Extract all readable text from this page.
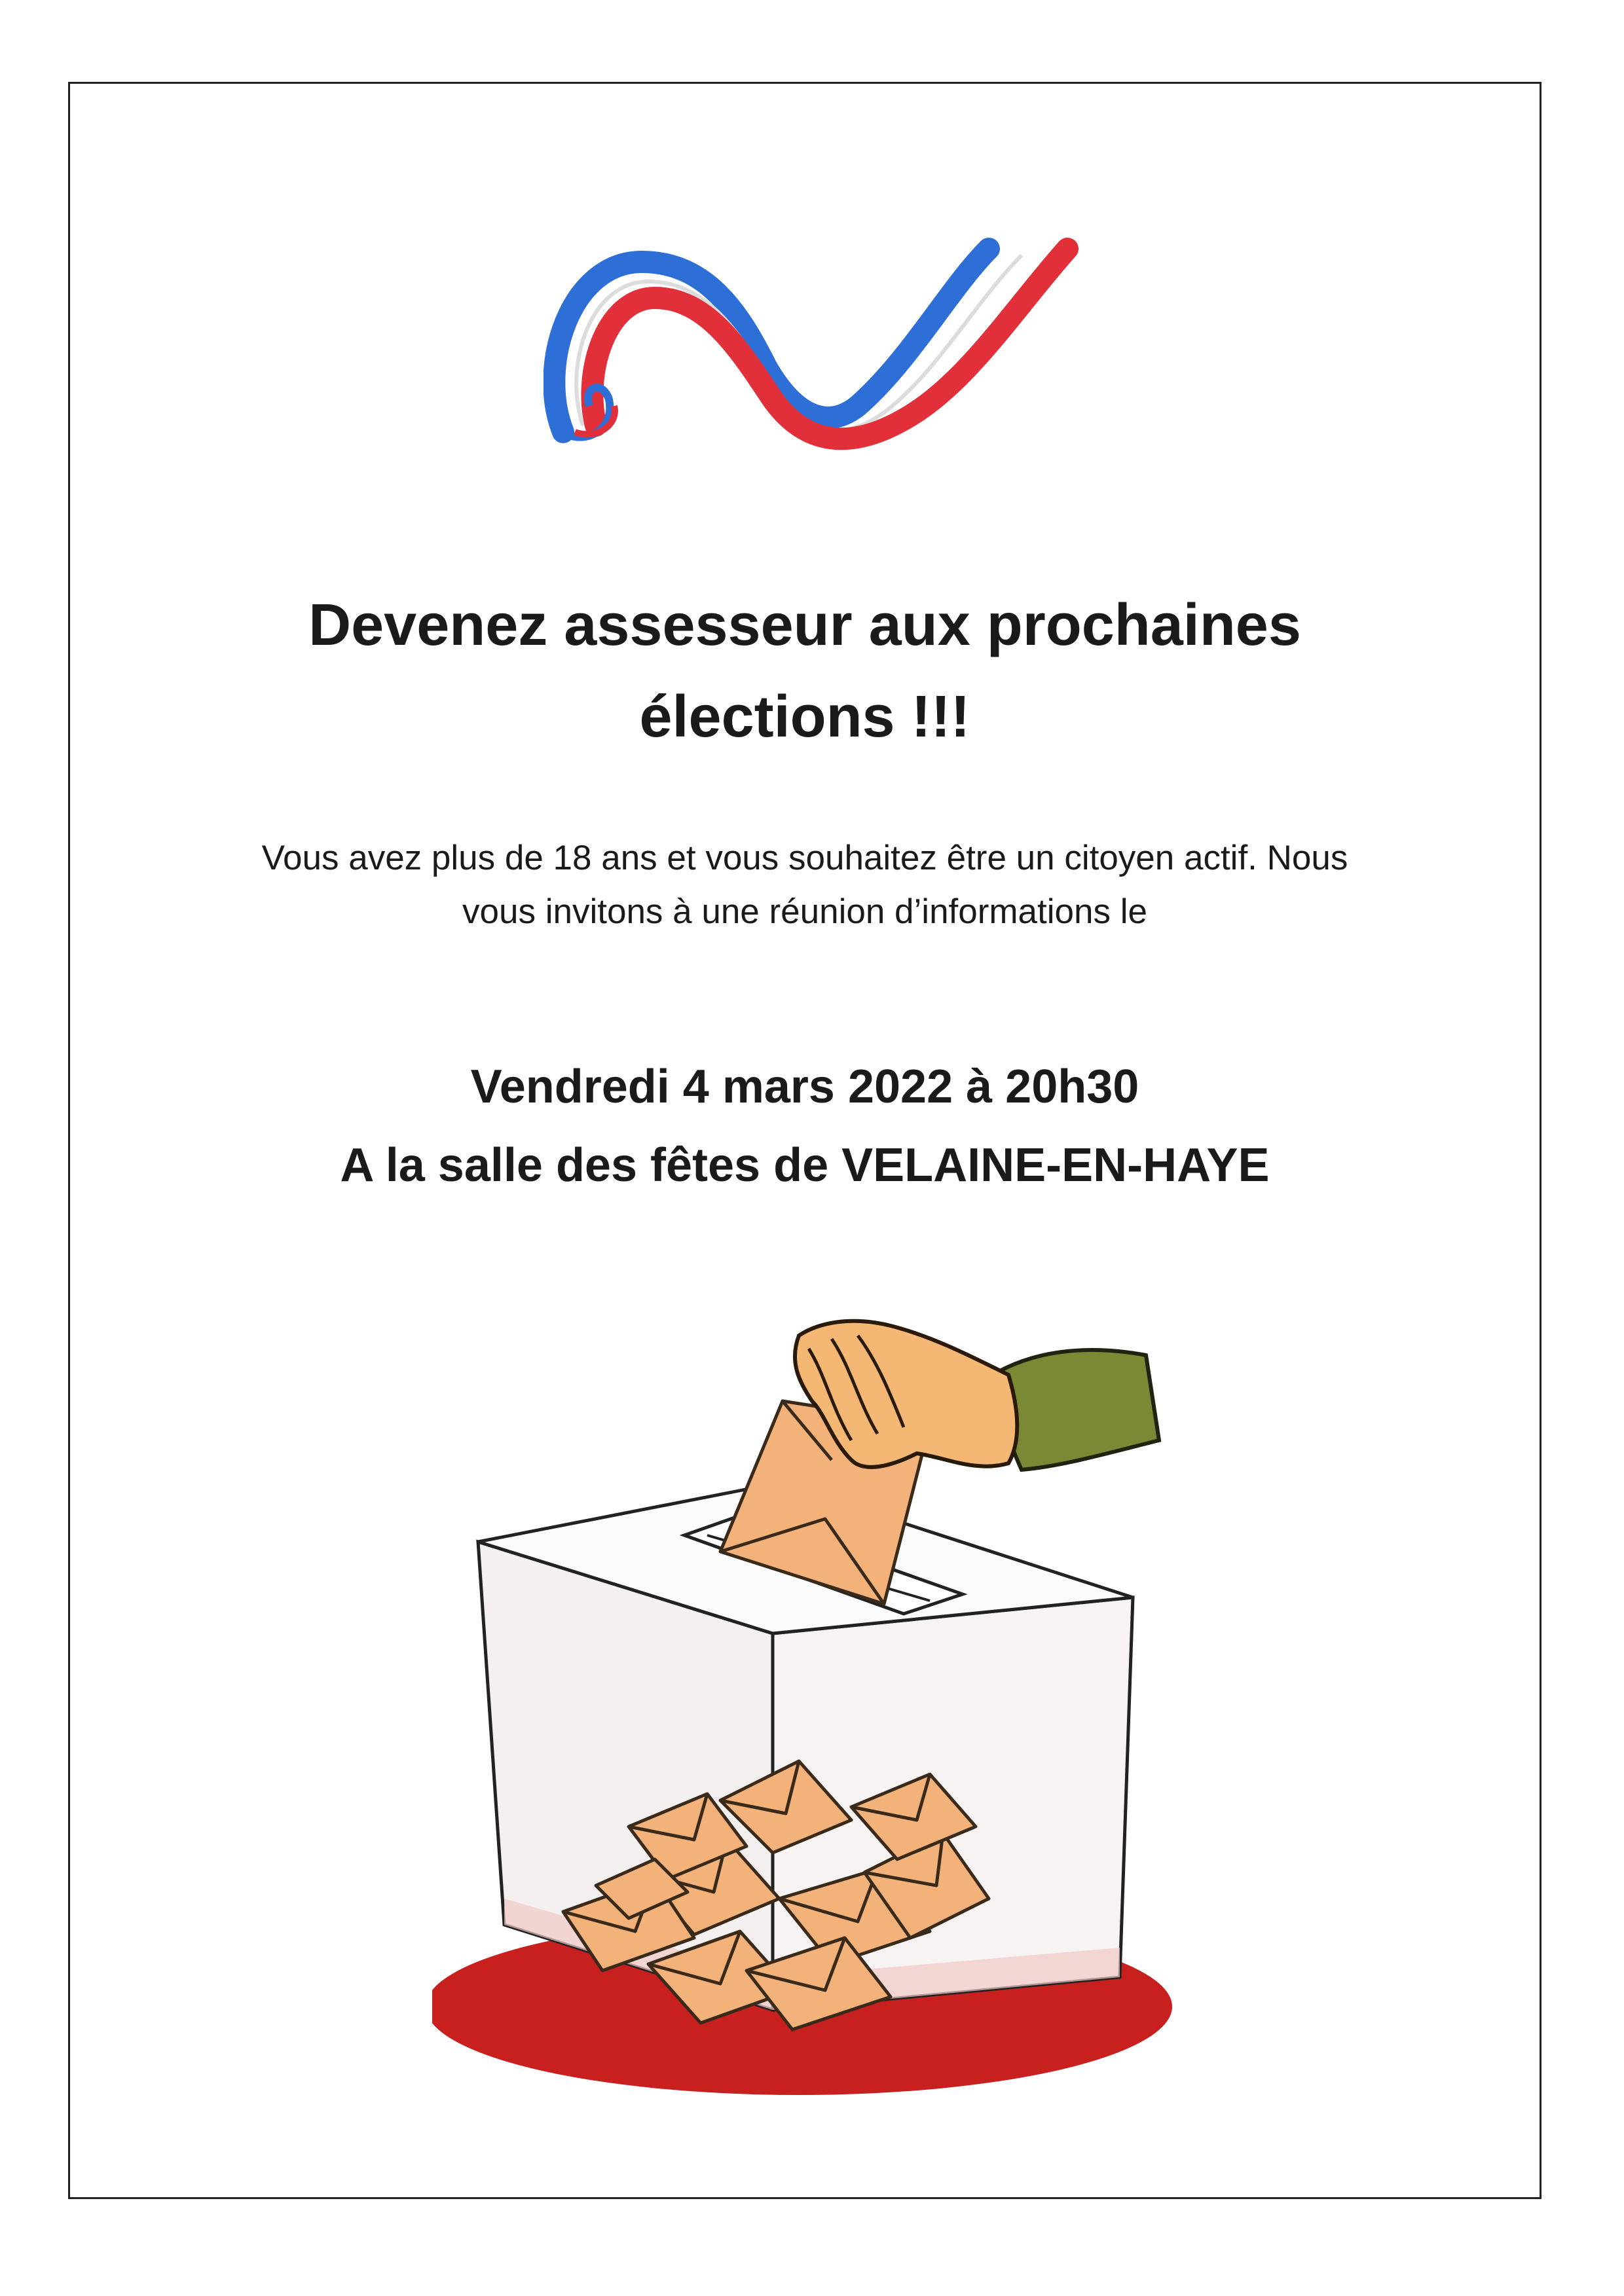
Devenez assesseur aux prochaines
élections !!!

Vous avez plus de 18 ans et vous souhaitez être un citoyen actif. Nous
vous invitons à une réunion d’informations le

Vendredi 4 mars 2022 à 20h30
A la salle des fêtes de VELAINE-EN-HAYE
